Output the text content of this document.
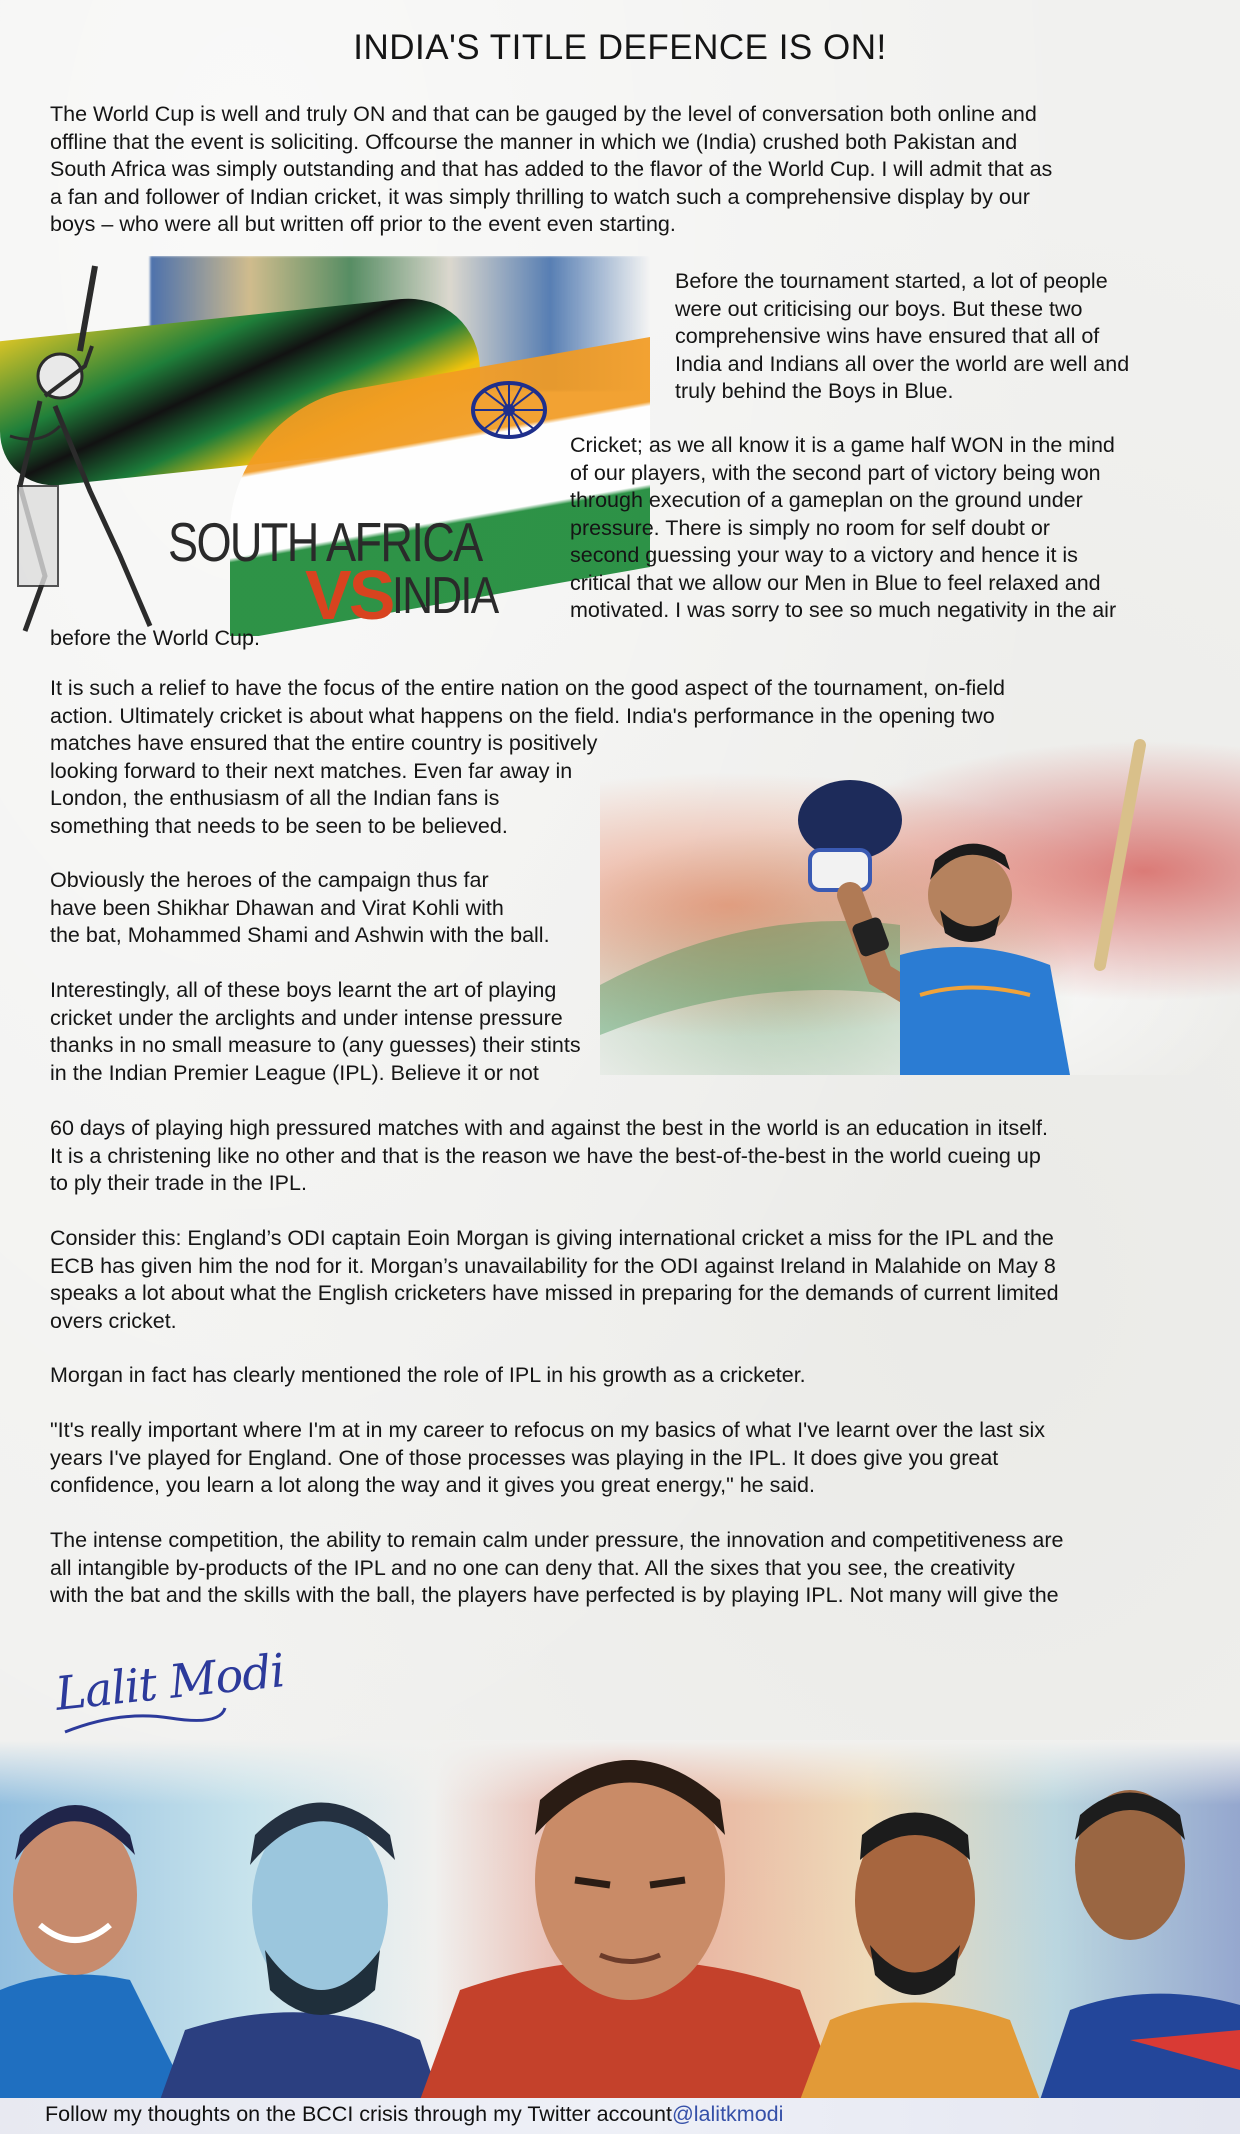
INDIA'S TITLE DEFENCE IS ON!
The World Cup is well and truly ON and that can be gauged by the level of conversation both online and
offline that the event is soliciting. Offcourse the manner in which we (India) crushed both Pakistan and
South Africa was simply outstanding and that has added to the flavor of the World Cup. I will admit that as
a fan and follower of Indian cricket, it was simply thrilling to watch such a comprehensive display by our
boys – who were all but written off prior to the event even starting.
SOUTH AFRICA
VS INDIA
Before the tournament started, a lot of people
were out criticising our boys. But these two
comprehensive wins have ensured that all of
India and Indians all over the world are well and
truly behind the Boys in Blue.
Cricket; as we all know it is a game half WON in the mind
of our players, with the second part of victory being won
through execution of a gameplan on the ground under
pressure. There is simply no room for self doubt or
second guessing your way to a victory and hence it is
critical that we allow our Men in Blue to feel relaxed and
motivated. I was sorry to see so much negativity in the air
before the World Cup.
It is such a relief to have the focus of the entire nation on the good aspect of the tournament, on-field
action. Ultimately cricket is about what happens on the field. India's performance in the opening two
matches have ensured that the entire country is positively
looking forward to their next matches. Even far away in
London, the enthusiasm of all the Indian fans is
something that needs to be seen to be believed.
Obviously the heroes of the campaign thus far
have been Shikhar Dhawan and Virat Kohli with
the bat, Mohammed Shami and Ashwin with the ball.
Interestingly, all of these boys learnt the art of playing
cricket under the arclights and under intense pressure
thanks in no small measure to (any guesses) their stints
in the Indian Premier League (IPL). Believe it or not
60 days of playing high pressured matches with and against the best in the world is an education in itself.
It is a christening like no other and that is the reason we have the best-of-the-best in the world cueing up
to ply their trade in the IPL.
Consider this: England’s ODI captain Eoin Morgan is giving international cricket a miss for the IPL and the
ECB has given him the nod for it. Morgan’s unavailability for the ODI against Ireland in Malahide on May 8
speaks a lot about what the English cricketers have missed in preparing for the demands of current limited
overs cricket.
Morgan in fact has clearly mentioned the role of IPL in his growth as a cricketer.
"It's really important where I'm at in my career to refocus on my basics of what I've learnt over the last six
years I've played for England. One of those processes was playing in the IPL. It does give you great
confidence, you learn a lot along the way and it gives you great energy," he said.
The intense competition, the ability to remain calm under pressure, the innovation and competitiveness are
all intangible by-products of the IPL and no one can deny that. All the sixes that you see, the creativity
with the bat and the skills with the ball, the players have perfected is by playing IPL. Not many will give the
Lalit Modi
Follow my thoughts on the BCCI crisis through my Twitter account@lalitkmodi
